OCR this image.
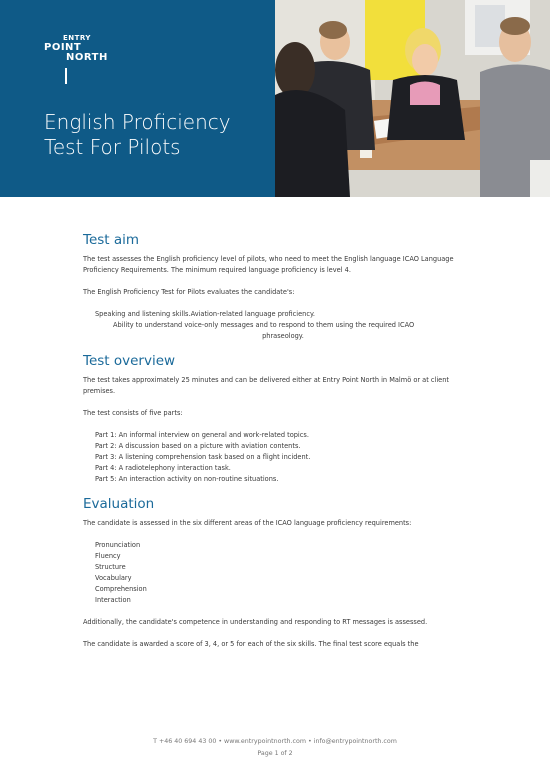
ENTRY
POINT
NORTH
English Proficiency
Test For Pilots
Test aim

The test assesses the English proficiency level of pilots, who need to meet the English language ICAO Language Proficiency Requirements. The minimum required language proficiency is level 4.

The English Proficiency Test for Pilots evaluates the candidate's:

Speaking and listening skills.Aviation-related language proficiency.
Ability to understand voice-only messages and to respond to them using the required ICAO
phraseology.
Test overview

The test takes approximately 25 minutes and can be delivered either at Entry Point North in Malmö or at client premises.

The test consists of five parts:

Part 1: An informal interview on general and work-related topics.
Part 2: A discussion based on a picture with aviation contents.
Part 3: A listening comprehension task based on a flight incident.
Part 4: A radiotelephony interaction task.
Part 5: An interaction activity on non-routine situations.
Evaluation

The candidate is assessed in the six different areas of the ICAO language proficiency requirements:

Pronunciation
Fluency
Structure
Vocabulary
Comprehension
Interaction

Additionally, the candidate's competence in understanding and responding to RT messages is assessed.

The candidate is awarded a score of 3, 4, or 5 for each of the six skills. The final test score equals the

T +46 40 694 43 00 • www.entrypointnorth.com • info@entrypointnorth.com
Page 1 of 2
